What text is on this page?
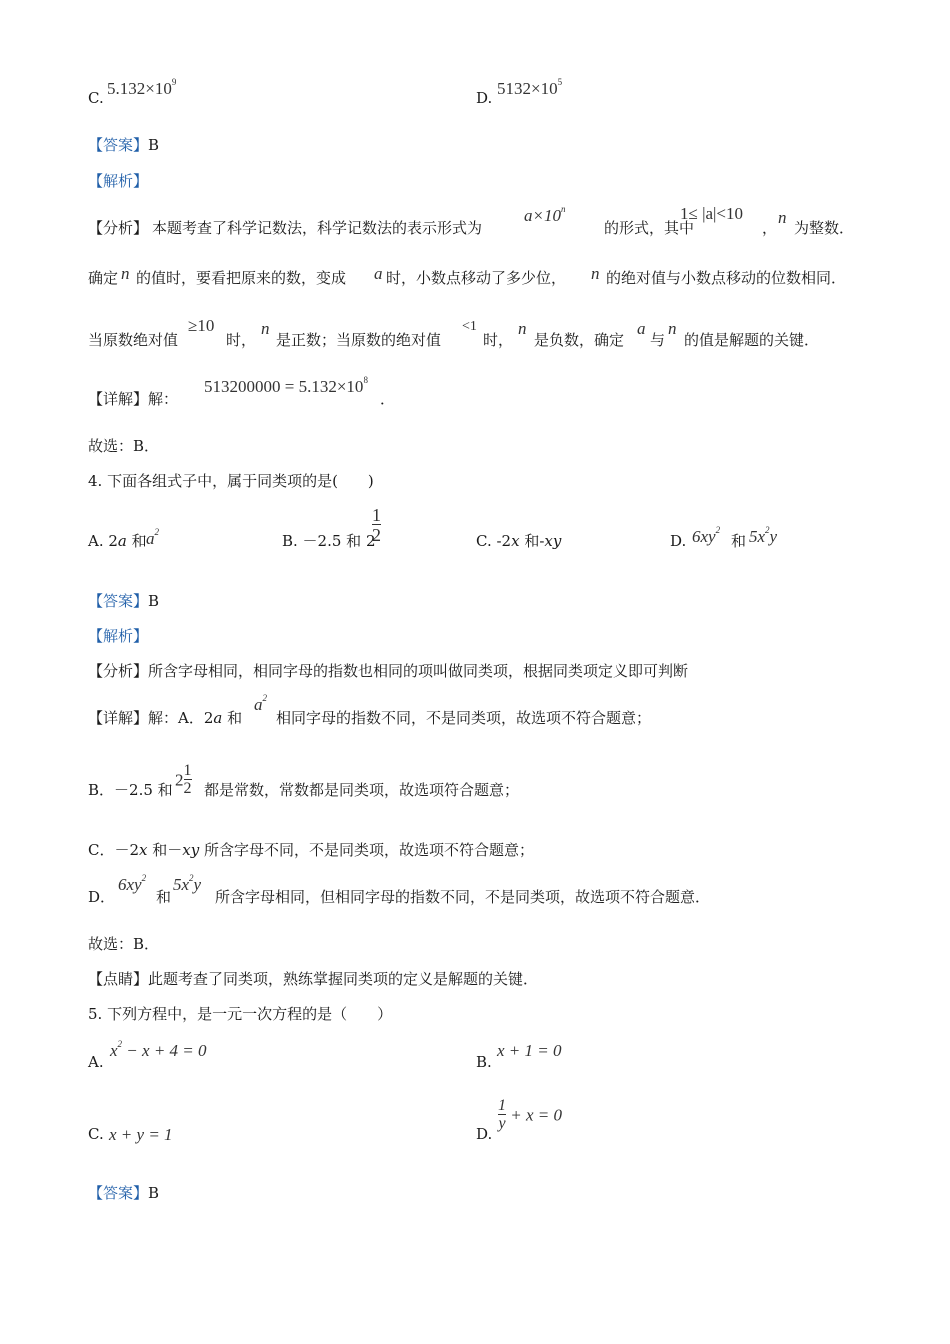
C. $5.132\times 10^9$
D. $5132\times 10^5$
【答案】B
【解析】
【分析】 本题考查了科学记数法，科学记数法的表示形式为
$a\times 10^n$
的形式，其中
1≤ |a|<10
，
n
为整数．
确定 n 的值时，要看把原来的数，变成 a 时，小数点移动了多少位， n 的绝对值与小数点移动的位数相同．
当原数绝对值
≥10
时，
n
是正数；当原数的绝对值
<1
时，
n
是负数，确定
a
与
n
的值是解题的关键．
【详解】解：
$513200000 = 5.132\times 10^8$
．
故选：B．
4. 下面各组式子中，属于同类项的是(　　)
A. 2a 和 $a^2$	B. －2.5 和 2
$\frac{1}{2}$	C. -2x 和-xy	D. $6xy^2$
和 $5x^2y$
【答案】B
【解析】
【分析】所含字母相同，相同字母的指数也相同的项叫做同类项，根据同类项定义即可判断
【详解】解：A．2a 和
$a^2$
相同字母的指数不同，不是同类项，故选项不符合题意；
B．－2.5 和
$2 \frac{1}{2}$ 都是常数，常数都是同类项，故选项符合题意；
C．－2x 和－xy 所含字母不同，不是同类项，故选项不符合题意；
D．
$6xy^2$
和
$5x^2y$
所含字母相同，但相同字母的指数不同，不是同类项，故选项不符合题意．
故选：B．
【点睛】此题考查了同类项，熟练掌握同类项的定义是解题的关键．
5. 下列方程中，是一元一次方程的是（　　）
A.
$x^2 - x + 4 = 0$
B.
x + 1 = 0
C. x + y = 1	D.
$\frac{1}{y} + x = 0$
【答案】B
